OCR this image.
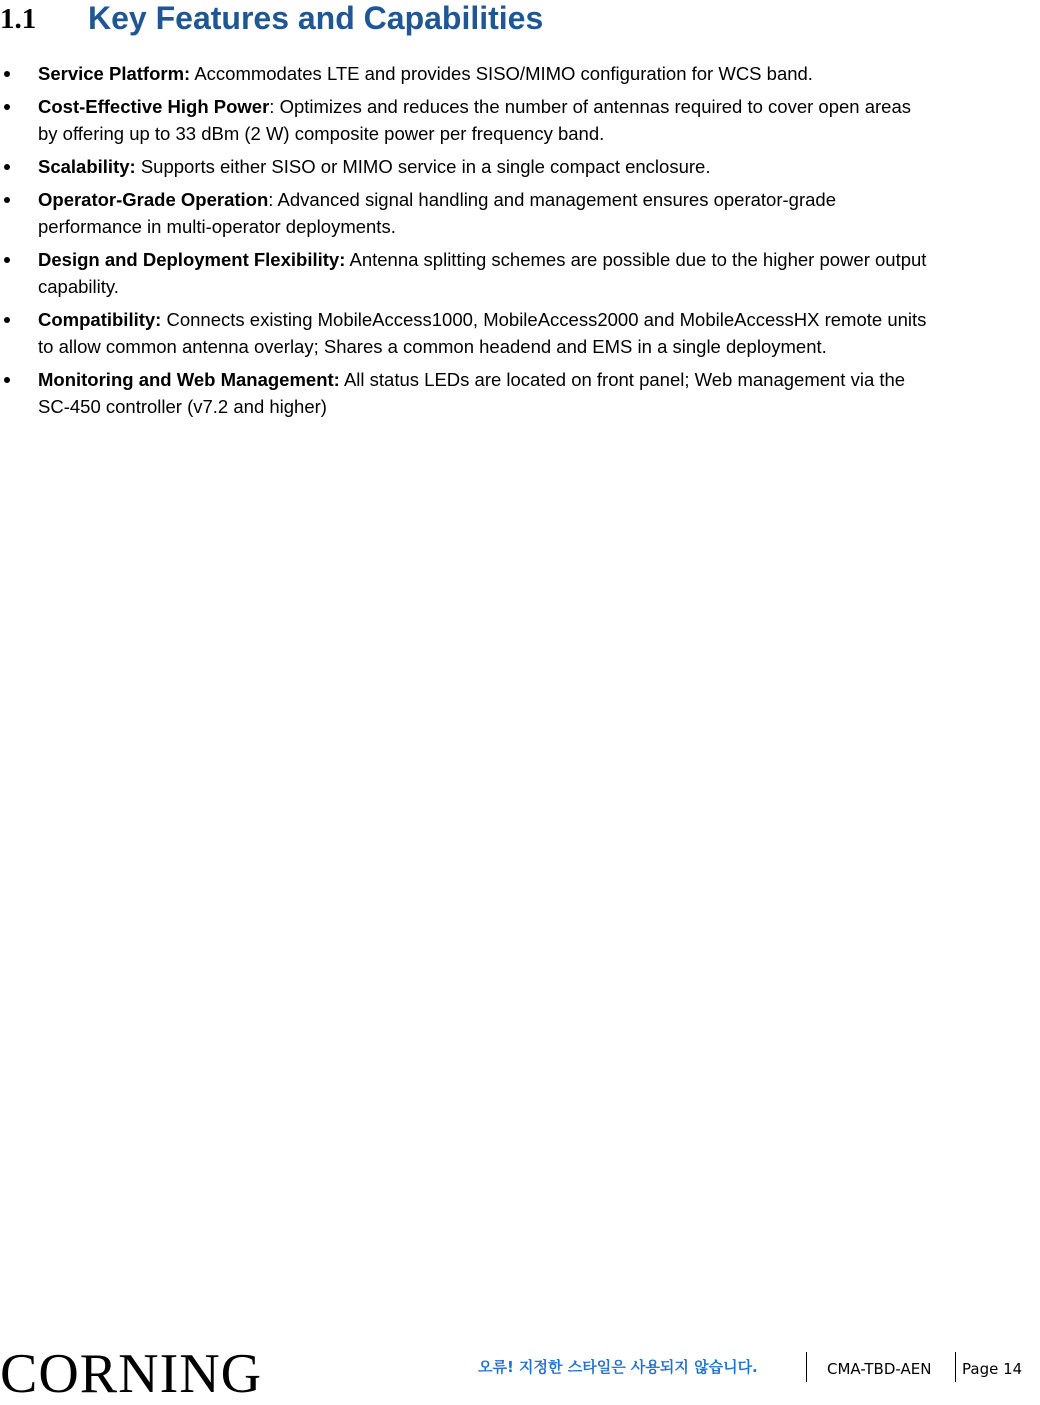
1.1	Key Features and Capabilities
Service Platform: Accommodates LTE and provides SISO/MIMO configuration for WCS band.
Cost-Effective High Power: Optimizes and reduces the number of antennas required to cover open areas
by offering up to 33 dBm (2 W) composite power per frequency band.
Scalability: Supports either SISO or MIMO service in a single compact enclosure.
Operator-Grade Operation: Advanced signal handling and management ensures operator-grade
performance in multi-operator deployments.
Design and Deployment Flexibility: Antenna splitting schemes are possible due to the higher power output
capability.
Compatibility: Connects existing MobileAccess1000, MobileAccess2000 and MobileAccessHX remote units
to allow common antenna overlay; Shares a common headend and EMS in a single deployment.
Monitoring and Web Management: All status LEDs are located on front panel; Web management via the
SC-450 controller (v7.2 and higher)
CORNING	오류! 지정한 스타일은 사용되지 않습니다.	CMA-TBD-AEN Page 14
